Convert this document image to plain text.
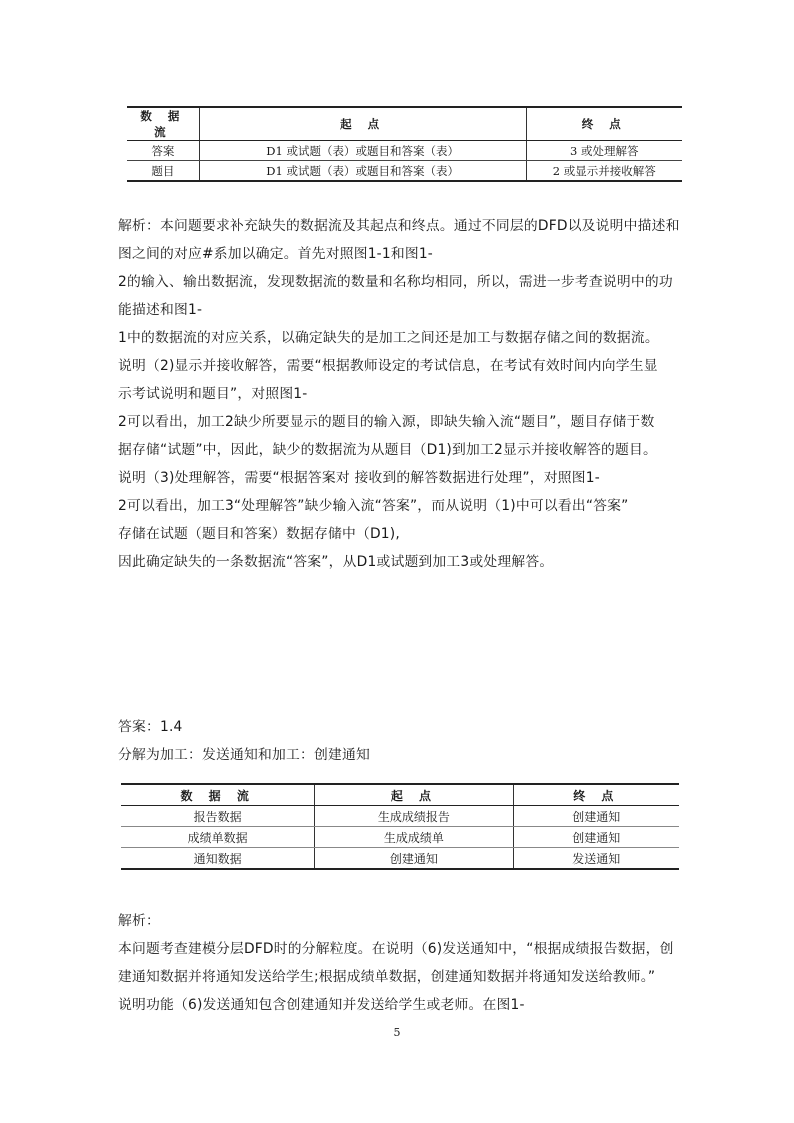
数 据 流	起 点	终 点
答案	D1 或试题（表）或题目和答案（表）	3 或处理解答
题目	D1 或试题（表）或题目和答案（表）	2 或显示并接收解答
解析：本问题要求补充缺失的数据流及其起点和终点。通过不同层的DFD以及说明中描述和
图之间的对应#系加以确定。首先对照图1-1和图1-
2的输入、输出数据流，发现数据流的数量和名称均相同，所以，需进一步考查说明中的功
能描述和图1-
1中的数据流的对应关系，以确定缺失的是加工之间还是加工与数据存储之间的数据流。
说明（2)显示并接收解答，需要“根据教师设定的考试信息，在考试有效时间内向学生显
示考试说明和题目”，对照图1-
2可以看出，加工2缺少所要显示的题目的输入源，即缺失输入流“题目”，题目存储于数
据存储“试题”中，因此，缺少的数据流为从题目（D1)到加工2显示并接收解答的题目。
说明（3)处理解答，需要“根据答案对 接收到的解答数据进行处理”，对照图1-
2可以看出，加工3“处理解答”缺少输入流“答案”，而从说明（1)中可以看出“答案”
存储在试题（题目和答案）数据存储中（D1),
因此确定缺失的一条数据流“答案”，从D1或试题到加工3或处理解答。
答案：1.4
分解为加工：发送通知和加工：创建通知
数 据 流	起 点	终 点
报告数据	生成成绩报告	创建通知
成绩单数据	生成成绩单	创建通知
通知数据	创建通知	发送通知
解析：
本问题考查建模分层DFD时的分解粒度。在说明（6)发送通知中，“根据成绩报告数据，创
建通知数据并将通知发送给学生;根据成绩单数据，创建通知数据并将通知发送给教师。”
说明功能（6)发送通知包含创建通知并发送给学生或老师。在图1-
5
